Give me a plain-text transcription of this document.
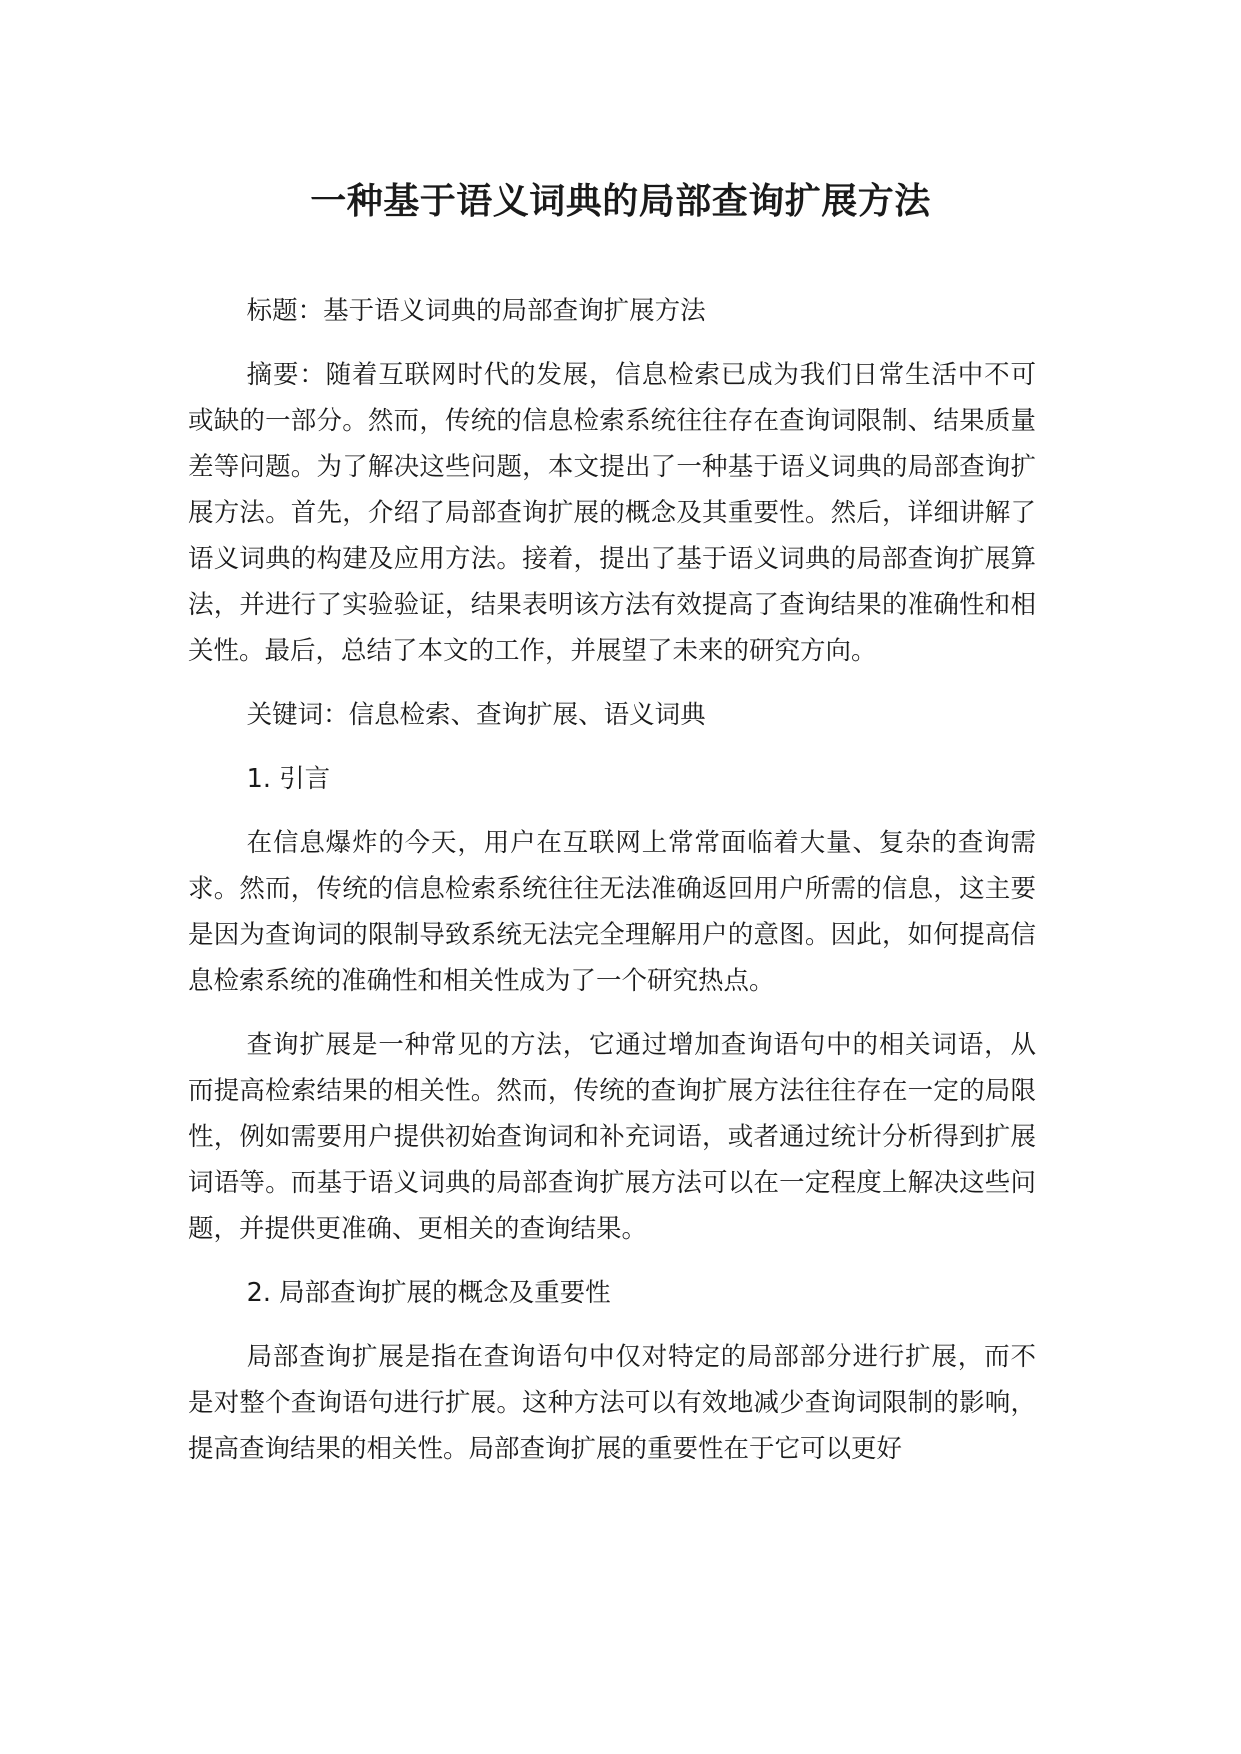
一种基于语义词典的局部查询扩展方法

标题：基于语义词典的局部查询扩展方法

摘要：随着互联网时代的发展，信息检索已成为我们日常生活中不可或缺的一部分。然而，传统的信息检索系统往往存在查询词限制、结果质量差等问题。为了解决这些问题，本文提出了一种基于语义词典的局部查询扩展方法。首先，介绍了局部查询扩展的概念及其重要性。然后，详细讲解了语义词典的构建及应用方法。接着，提出了基于语义词典的局部查询扩展算法，并进行了实验验证，结果表明该方法有效提高了查询结果的准确性和相关性。最后，总结了本文的工作，并展望了未来的研究方向。

关键词：信息检索、查询扩展、语义词典

1. 引言

在信息爆炸的今天，用户在互联网上常常面临着大量、复杂的查询需求。然而，传统的信息检索系统往往无法准确返回用户所需的信息，这主要是因为查询词的限制导致系统无法完全理解用户的意图。因此，如何提高信息检索系统的准确性和相关性成为了一个研究热点。

查询扩展是一种常见的方法，它通过增加查询语句中的相关词语，从而提高检索结果的相关性。然而，传统的查询扩展方法往往存在一定的局限性，例如需要用户提供初始查询词和补充词语，或者通过统计分析得到扩展词语等。而基于语义词典的局部查询扩展方法可以在一定程度上解决这些问题，并提供更准确、更相关的查询结果。

2. 局部查询扩展的概念及重要性

局部查询扩展是指在查询语句中仅对特定的局部部分进行扩展，而不是对整个查询语句进行扩展。这种方法可以有效地减少查询词限制的影响，提高查询结果的相关性。局部查询扩展的重要性在于它可以更好
